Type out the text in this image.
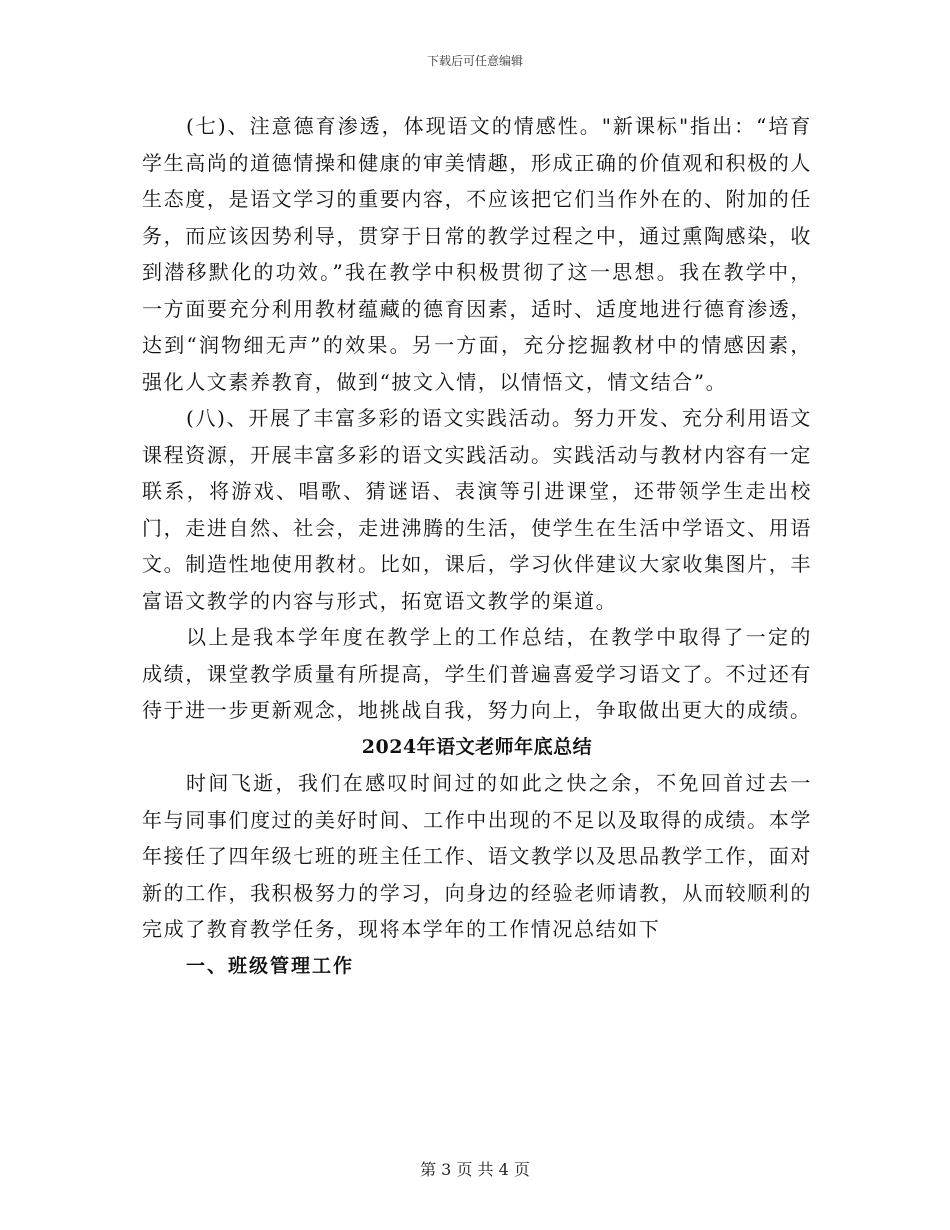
下载后可任意编辑

(七)、注意德育渗透，体现语文的情感性。"新课标"指出：“培育学生高尚的道德情操和健康的审美情趣，形成正确的价值观和积极的人生态度，是语文学习的重要内容，不应该把它们当作外在的、附加的任务，而应该因势利导，贯穿于日常的教学过程之中，通过熏陶感染，收到潜移默化的功效。”我在教学中积极贯彻了这一思想。我在教学中，一方面要充分利用教材蕴藏的德育因素，适时、适度地进行德育渗透，达到“润物细无声”的效果。另一方面，充分挖掘教材中的情感因素，强化人文素养教育，做到“披文入情，以情悟文，情文结合”。

(八)、开展了丰富多彩的语文实践活动。努力开发、充分利用语文课程资源，开展丰富多彩的语文实践活动。实践活动与教材内容有一定联系，将游戏、唱歌、猜谜语、表演等引进课堂，还带领学生走出校门，走进自然、社会，走进沸腾的生活，使学生在生活中学语文、用语文。制造性地使用教材。比如，课后，学习伙伴建议大家收集图片，丰富语文教学的内容与形式，拓宽语文教学的渠道。

以上是我本学年度在教学上的工作总结，在教学中取得了一定的成绩，课堂教学质量有所提高，学生们普遍喜爱学习语文了。不过还有待于进一步更新观念，地挑战自我，努力向上，争取做出更大的成绩。

2024年语文老师年底总结

时间飞逝，我们在感叹时间过的如此之快之余，不免回首过去一年与同事们度过的美好时间、工作中出现的不足以及取得的成绩。本学年接任了四年级七班的班主任工作、语文教学以及思品教学工作，面对新的工作，我积极努力的学习，向身边的经验老师请教，从而较顺利的完成了教育教学任务，现将本学年的工作情况总结如下

一、班级管理工作

第 3 页 共 4 页
